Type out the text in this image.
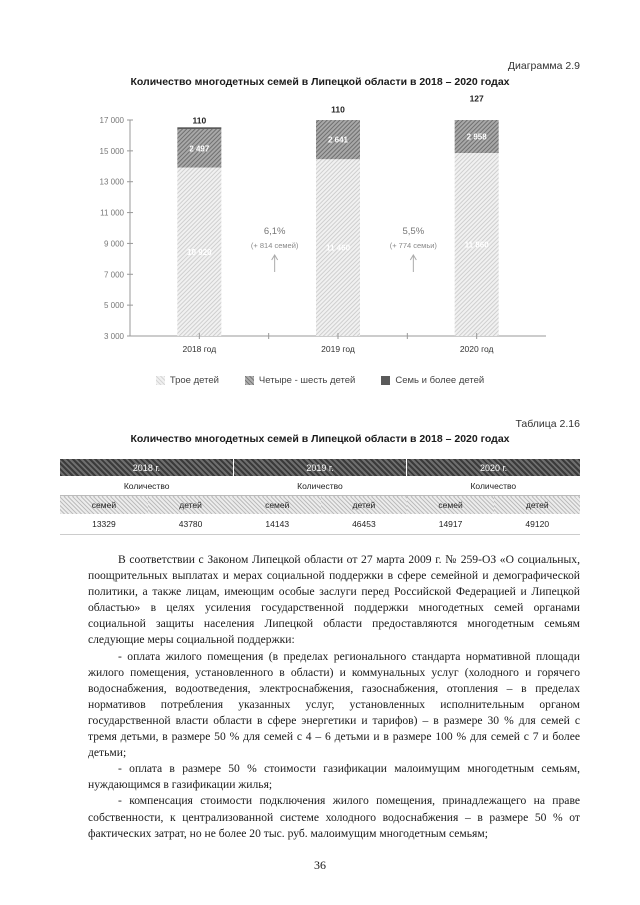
Диаграмма 2.9
Количество многодетных семей в Липецкой области в 2018 – 2020 годах
3 000
5 000
7 000
9 000
11 000
13 000
15 000
17 000
10 920
2 497
110
2018 год
11 460
2 641
110
2019 год
11 860
2 958
127
2020 год
6,1%
(+ 814 семей)
5,5%
(+ 774 семьи)
Трое детей	Четыре - шесть детей	Семь и более детей
Таблица 2.16
Количество многодетных семей в Липецкой области в 2018 – 2020 годах
2018 г.		2019 г.		2020 г.	
Количество		Количество		Количество	
семей	детей	семей	детей	семей	детей
13329	43780	14143	46453	14917	49120

В соответствии с Законом Липецкой области от 27 марта 2009 г. № 259-ОЗ «О социальных, поощрительных выплатах и мерах социальной поддержки в сфере семейной и демографической политики, а также лицам, имеющим особые заслуги перед Российской Федерацией и Липецкой областью» в целях усиления государственной поддержки многодетных семей органами социальной защиты населения Липецкой области предоставляются многодетным семьям следующие меры социальной поддержки:

- оплата жилого помещения (в пределах регионального стандарта нормативной площади жилого помещения, установленного в области) и коммунальных услуг (холодного и горячего водоснабжения, водоотведения, электроснабжения, газоснабжения, отопления – в пределах нормативов потребления указанных услуг, установленных исполнительным органом государственной власти области в сфере энергетики и тарифов) – в размере 30 % для семей с тремя детьми, в размере 50 % для семей с 4 – 6 детьми и в размере 100 % для семей с 7 и более детьми;

- оплата в размере 50 % стоимости газификации малоимущим многодетным семьям, нуждающимся в газификации жилья;

- компенсация стоимости подключения жилого помещения, принадлежащего на праве собственности, к централизованной системе холодного водоснабжения – в размере 50 % от фактических затрат, но не более 20 тыс. руб. малоимущим многодетным семьям;

36
